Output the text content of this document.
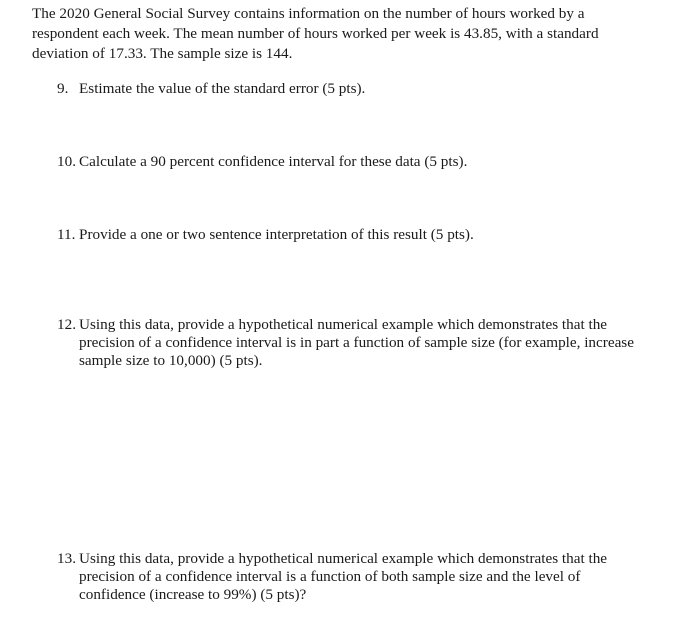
The 2020 General Social Survey contains information on the number of hours worked by a respondent each week. The mean number of hours worked per week is 43.85, with a standard deviation of 17.33. The sample size is 144.

9. Estimate the value of the standard error (5 pts).
10. Calculate a 90 percent confidence interval for these data (5 pts).
11. Provide a one or two sentence interpretation of this result (5 pts).
12. Using this data, provide a hypothetical numerical example which demonstrates that the precision of a confidence interval is in part a function of sample size (for example, increase sample size to 10,000) (5 pts).
13. Using this data, provide a hypothetical numerical example which demonstrates that the precision of a confidence interval is a function of both sample size and the level of confidence (increase to 99%) (5 pts)?
